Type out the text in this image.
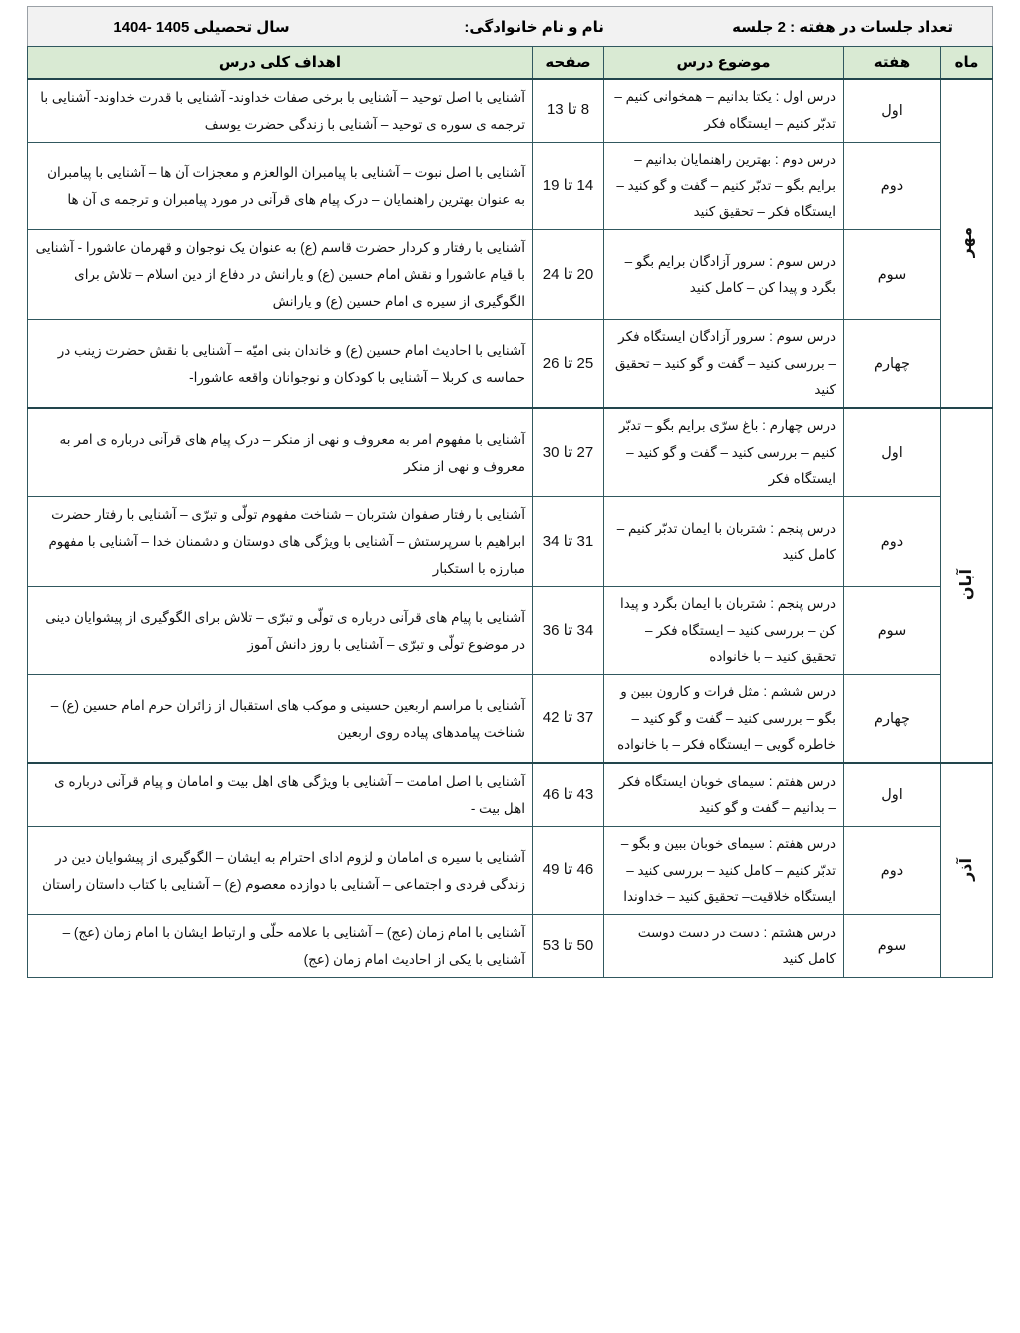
تعداد جلسات در هفته : 2 جلسه
نام و نام خانوادگی:
سال تحصیلی 1405 -1404
ماه	هفته	موضوع درس	صفحه	اهداف کلی درس
مهر	اول	درس اول : یکتا بدانیم – همخوانی کنیم – تدبّر کنیم – ایستگاه فکر	8 تا 13	آشنایی با اصل توحید – آشنایی با برخی صفات خداوند- آشنایی با قدرت خداوند- آشنایی با ترجمه ی سوره ی توحید – آشنایی با زندگی حضرت یوسف
	دوم	درس دوم : بهترین راهنمایان بدانیم – برایم بگو – تدبّر کنیم – گفت و گو کنید – ایستگاه فکر – تحقیق کنید	14 تا 19	آشنایی با اصل نبوت – آشنایی با پیامبران الوالعزم و معجزات آن ها – آشنایی با پیامبران به عنوان بهترین راهنمایان – درک پیام های قرآنی در مورد پیامبران و ترجمه ی آن ها
	سوم	درس سوم : سرور آزادگان برایم بگو – بگرد و پیدا کن – کامل کنید	20 تا 24	آشنایی با رفتار و کردار حضرت قاسم (ع) به عنوان یک نوجوان و قهرمان عاشورا - آشنایی با قیام عاشورا و نقش امام حسین (ع) و یارانش در دفاع از دین اسلام – تلاش برای الگوگیری از سیره ی امام حسین (ع) و یارانش
	چهارم	درس سوم : سرور آزادگان ایستگاه فکر – بررسی کنید – گفت و گو کنید – تحقیق کنید	25 تا 26	آشنایی با احادیث امام حسین (ع) و خاندان بنی امیّه – آشنایی با نقش حضرت زینب در حماسه ی کربلا – آشنایی با کودکان و نوجوانان واقعه عاشورا-
آبان	اول	درس چهارم : باغ سرّی برایم بگو – تدبّر کنیم – بررسی کنید – گفت و گو کنید – ایستگاه فکر	27 تا 30	آشنایی با مفهوم امر به معروف و نهی از منکر – درک پیام های قرآنی درباره ی امر به معروف و نهی از منکر
	دوم	درس پنجم : شتربان با ایمان تدبّر کنیم – کامل کنید	31 تا 34	آشنایی با رفتار صفوان شتربان – شناخت مفهوم تولّی و تبرّی – آشنایی با رفتار حضرت ابراهیم با سرپرستش – آشنایی با ویژگی های دوستان و دشمنان خدا – آشنایی با مفهوم مبارزه با استکبار
	سوم	درس پنجم : شتربان با ایمان بگرد و پیدا کن – بررسی کنید – ایستگاه فکر – تحقیق کنید – با خانواده	34 تا 36	آشنایی با پیام های قرآنی درباره ی تولّی و تبرّی – تلاش برای الگوگیری از پیشوایان دینی در موضوع تولّی و تبرّی – آشنایی با روز دانش آموز
	چهارم	درس ششم : مثل فرات و کارون ببین و بگو – بررسی کنید – گفت و گو کنید – خاطره گویی – ایستگاه فکر – با خانواده	37 تا 42	آشنایی با مراسم اربعین حسینی و موکب های استقبال از زائران حرم امام حسین (ع) – شناخت پیامدهای پیاده روی اربعین
آذر	اول	درس هفتم : سیمای خوبان ایستگاه فکر – بدانیم – گفت و گو کنید	43 تا 46	آشنایی با اصل امامت – آشنایی با ویژگی های اهل بیت و امامان و پیام قرآنی درباره ی اهل بیت -
	دوم	درس هفتم : سیمای خوبان ببین و بگو – تدبّر کنیم – کامل کنید – بررسی کنید –ایستگاه خلاقیت– تحقیق کنید – خداوندا	46 تا 49	آشنایی با سیره ی امامان و لزوم ادای احترام به ایشان – الگوگیری از پیشوایان دین در زندگی فردی و اجتماعی – آشنایی با دوازده معصوم (ع) – آشنایی با کتاب داستان راستان
	سوم	درس هشتم : دست در دست دوست کامل کنید	50 تا 53	آشنایی با امام زمان (عج) – آشنایی با علامه حلّی و ارتباط ایشان با امام زمان (عج) – آشنایی با یکی از احادیث امام زمان (عج)
